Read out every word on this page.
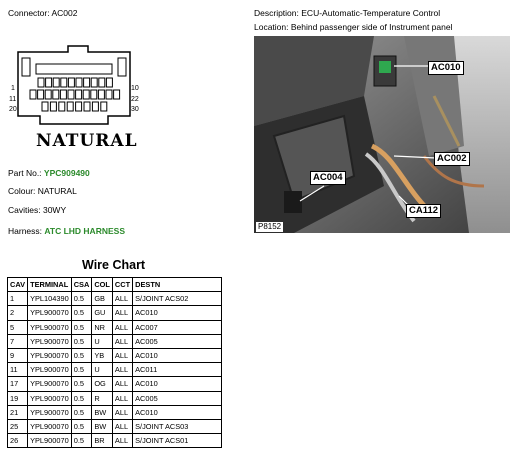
Connector: AC002	Description: ECU-Automatic-Temperature Control
Location: Behind passenger side of Instrument panel
1
11
20
10
22
30
NATURAL
Part No.: YPC909490
Colour: NATURAL
Cavities: 30WY
Harness: ATC LHD HARNESS
AC010
AC002
AC004
CA112
P8152
Wire Chart
CAV	TERMINAL	CSA	COL	CCT	DESTN
1	YPL104390	0.5	GB	ALL	S/JOINT ACS02
2	YPL900070	0.5	GU	ALL	AC010
5	YPL900070	0.5	NR	ALL	AC007
7	YPL900070	0.5	U	ALL	AC005
9	YPL900070	0.5	YB	ALL	AC010
11	YPL900070	0.5	U	ALL	AC011
17	YPL900070	0.5	OG	ALL	AC010
19	YPL900070	0.5	R	ALL	AC005
21	YPL900070	0.5	BW	ALL	AC010
25	YPL900070	0.5	BW	ALL	S/JOINT ACS03
26	YPL900070	0.5	BR	ALL	S/JOINT ACS01
